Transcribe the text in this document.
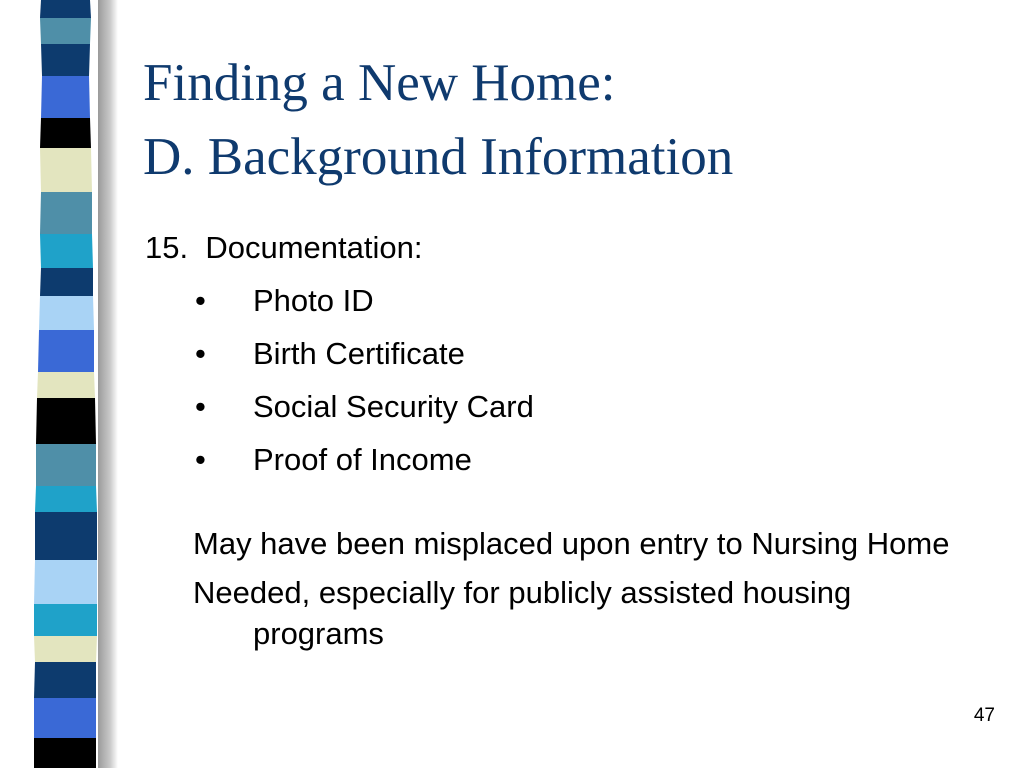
Finding a New Home:
D. Background Information

15.  Documentation:

• Photo ID
• Birth Certificate
• Social Security Card
• Proof of Income

May have been misplaced upon entry to Nursing Home

Needed, especially for publicly assisted housing programs

47
